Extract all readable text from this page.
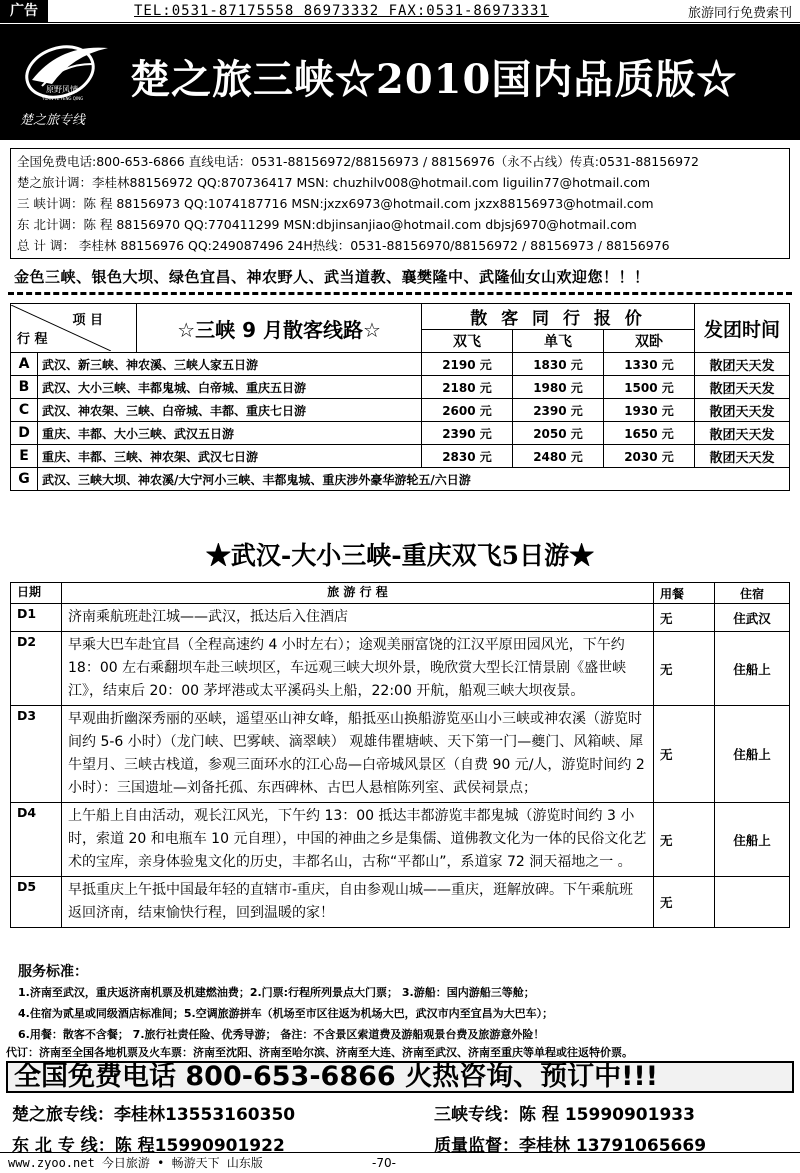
广告	TEL:0531-87175558 86973332 FAX:0531-86973331	旅游同行免费索刊
原野风情
YUAN YE FENG QING
楚之旅专线
楚之旅三峡☆2010国内品质版☆
全国免费电话:800-653-6866 直线电话：0531-88156972/88156973 / 88156976（永不占线）传真:0531-88156972
楚之旅计调：李桂林88156972 QQ:870736417 MSN: chuzhilv008@hotmail.com liguilin77@hotmail.com
三 峡计调：陈 程 88156973 QQ:1074187716 MSN:jxzx6973@hotmail.com jxzx88156973@hotmail.com
东 北计调：陈 程 88156970 QQ:770411299 MSN:dbjinsanjiao@hotmail.com dbjsj6970@hotmail.com
总 计 调： 李桂林 88156976 QQ:249087496 24H热线：0531-88156970/88156972 / 88156973 / 88156976
金色三峡、银色大坝、绿色宜昌、神农野人、武当道教、襄樊隆中、武隆仙女山欢迎您！！！
项 目
行 程		☆三峡 9 月散客线路☆	散 客 同 行 报 价			发团时间
			双飞	单飞	双卧	
A	武汉、新三峡、神农溪、三峡人家五日游		2190 元	1830 元	1330 元	散团天天发
B	武汉、大小三峡、丰都鬼城、白帝城、重庆五日游		2180 元	1980 元	1500 元	散团天天发
C	武汉、神农架、三峡、白帝城、丰都、重庆七日游		2600 元	2390 元	1930 元	散团天天发
D	重庆、丰都、大小三峡、武汉五日游		2390 元	2050 元	1650 元	散团天天发
E	重庆、丰都、三峡、神农架、武汉七日游		2830 元	2480 元	2030 元	散团天天发
G	武汉、三峡大坝、神农溪/大宁河小三峡、丰都鬼城、重庆涉外豪华游轮五/六日游					
★武汉-大小三峡-重庆双飞5日游★
日期	旅 游 行 程	用餐	住宿
D1	济南乘航班赴江城——武汉，抵达后入住酒店	无	住武汉
D2	早乘大巴车赴宜昌（全程高速约 4 小时左右）；途观美丽富饶的江汉平原田园风光，下午约 18：00 左右乘翻坝车赴三峡坝区，车远观三峡大坝外景，晚欣赏大型长江情景剧《盛世峡江》，结束后 20：00 茅坪港或太平溪码头上船，22:00 开航，船观三峡大坝夜景。	无	住船上
D3	早观曲折幽深秀丽的巫峡，遥望巫山神女峰，船抵巫山换船游览巫山小三峡或神农溪（游览时间约 5-6 小时）（龙门峡、巴雾峡、滴翠峡） 观雄伟瞿塘峡、天下第一门—夔门、风箱峡、犀牛望月、三峡古栈道，参观三面环水的江心岛—白帝城风景区（自费 90 元/人，游览时间约 2 小时）：三国遗址—刘备托孤、东西碑林、古巴人悬棺陈列室、武侯祠景点；	无	住船上
D4	上午船上自由活动，观长江风光，下午约 13：00 抵达丰都游览丰都鬼城（游览时间约 3 小时，索道 20 和电瓶车 10 元自理），中国的神曲之乡是集儒、道佛教文化为一体的民俗文化艺术的宝库，亲身体验鬼文化的历史，丰都名山，古称“平都山”，系道家 72 洞天福地之一 。	无	住船上
D5	早抵重庆上午抵中国最年轻的直辖市-重庆，自由参观山城——重庆，逛解放碑。下午乘航班返回济南，结束愉快行程，回到温暖的家！	无	
服务标准：
1.济南至武汉，重庆返济南机票及机建燃油费；2.门票:行程所列景点大门票； 3.游船：国内游船三等舱；
4.住宿为贰星或同级酒店标准间；5.空调旅游拼车（机场至市区往返为机场大巴，武汉市内至宜昌为大巴车）；
6.用餐：散客不含餐； 7.旅行社责任险、优秀导游； 备注：不含景区索道费及游船观景台费及旅游意外险！
代订：济南至全国各地机票及火车票：济南至沈阳、济南至哈尔滨、济南至大连、济南至武汉、济南至重庆等单程或往返特价票。
全国免费电话 800-653-6866 火热咨询、预订中!!!
楚之旅专线：李桂林13553160350	三峡专线：陈 程 15990901933
东 北 专 线：陈 程15990901922	质量监督：李桂林 13791065669
www.zyoo.net 今日旅游 • 畅游天下 山东版	-70-
